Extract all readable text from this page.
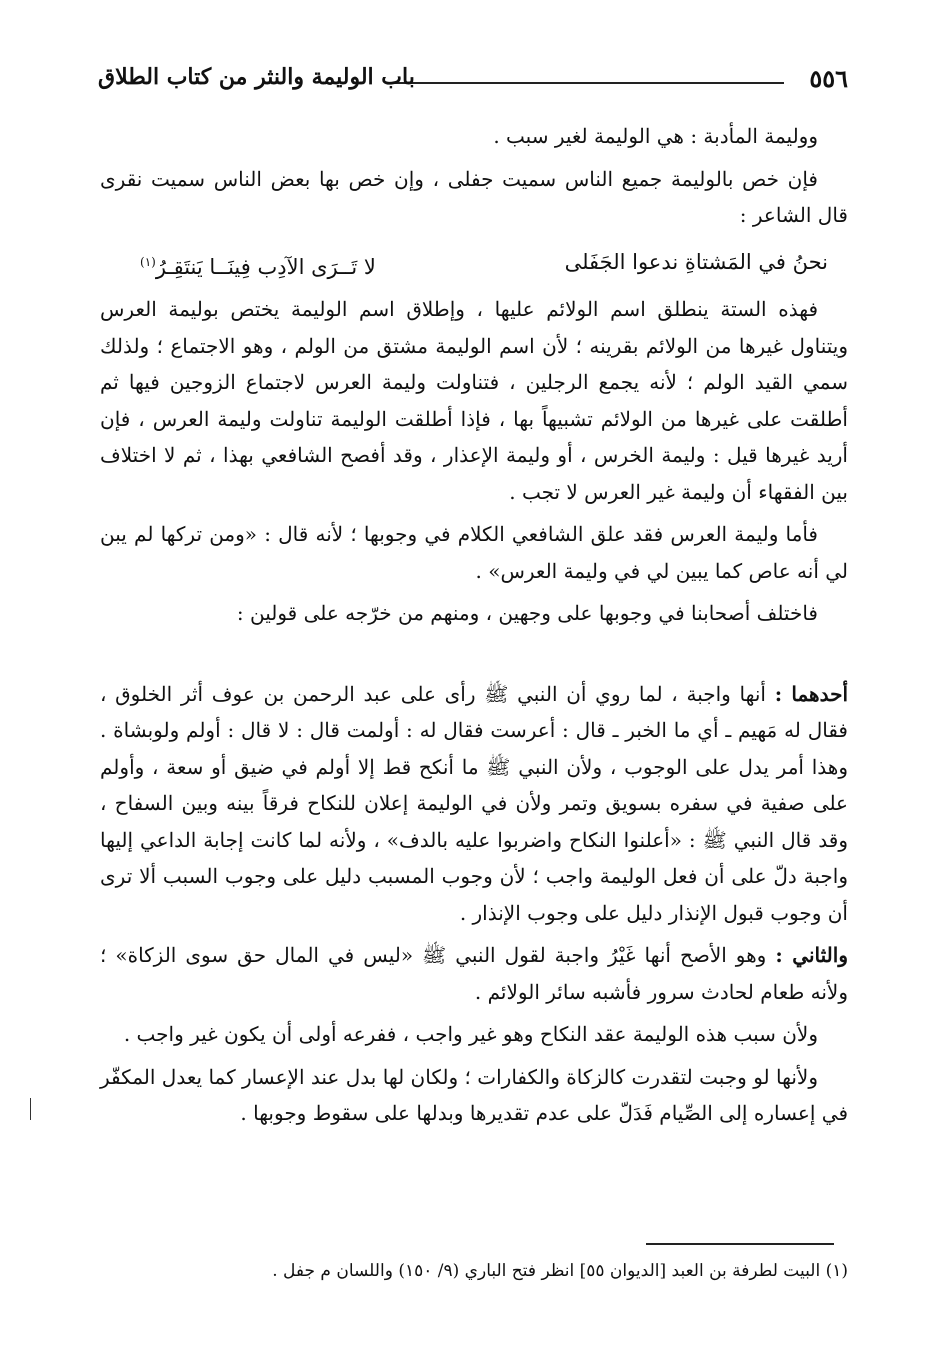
٥٥٦
باب الوليمة والنثر من كتاب الطلاق

ووليمة المأدبة : هي الوليمة لغير سبب .

فإن خص بالوليمة جميع الناس سميت جفلى ، وإن خص بها بعض الناس سميت نقرى قال الشاعر :

نحنُ في المَشتاةِ ندعوا الجَفَلى
لا تَــرَى الآدِب فِينَــا يَنتَقِـرُ$^{(١)}$

فهذه الستة ينطلق اسم الولائم عليها ، وإطلاق اسم الوليمة يختص بوليمة العرس ويتناول غيرها من الولائم بقرينه ؛ لأن اسم الوليمة مشتق من الولم ، وهو الاجتماع ؛ ولذلك سمي القيد الولم ؛ لأنه يجمع الرجلين ، فتناولت وليمة العرس لاجتماع الزوجين فيها ثم أطلقت على غيرها من الولائم تشبيهاً بها ، فإذا أطلقت الوليمة تناولت وليمة العرس ، فإن أريد غيرها قيل : وليمة الخرس ، أو وليمة الإعذار ، وقد أفصح الشافعي بهذا ، ثم لا اختلاف بين الفقهاء أن وليمة غير العرس لا تجب .

فأما وليمة العرس فقد علق الشافعي الكلام في وجوبها ؛ لأنه قال : «ومن تركها لم يبن لي أنه عاص كما يبين لي في وليمة العرس» .

فاختلف أصحابنا في وجوبها على وجهين ، ومنهم من خرّجه على قولين :

أحدهما : أنها واجبة ، لما روي أن النبي ﷺ رأى على عبد الرحمن بن عوف أثر الخلوق ، فقال له مَهيم ـ أي ما الخبر ـ قال : أعرست فقال له : أولمت قال : لا قال : أولم ولوبشاة . وهذا أمر يدل على الوجوب ، ولأن النبي ﷺ ما أنكح قط إلا أولم في ضيق أو سعة ، وأولم على صفية في سفره بسويق وتمر ولأن في الوليمة إعلان للنكاح فرقاً بينه وبين السفاح ، وقد قال النبي ﷺ : «أعلنوا النكاح واضربوا عليه بالدف» ، ولأنه لما كانت إجابة الداعي إليها واجبة دلّ على أن فعل الوليمة واجب ؛ لأن وجوب المسبب دليل على وجوب السبب ألا ترى أن وجوب قبول الإنذار دليل على وجوب الإنذار .

والثاني : وهو الأصح أنها غَيْرُ واجبة لقول النبي ﷺ «ليس في المال حق سوى الزكاة» ؛ ولأنه طعام لحادث سرور فأشبه سائر الولائم .

ولأن سبب هذه الوليمة عقد النكاح وهو غير واجب ، ففرعه أولى أن يكون غير واجب .

ولأنها لو وجبت لتقدرت كالزكاة والكفارات ؛ ولكان لها بدل عند الإعسار كما يعدل المكفّر في إعساره إلى الصِّيام فَدَلّ على عدم تقديرها وبدلها على سقوط وجوبها .

(١) البيت لطرفة بن العبد [الديوان ٥٥] انظر فتح الباري (٩/ ١٥٠) واللسان م جفل .
